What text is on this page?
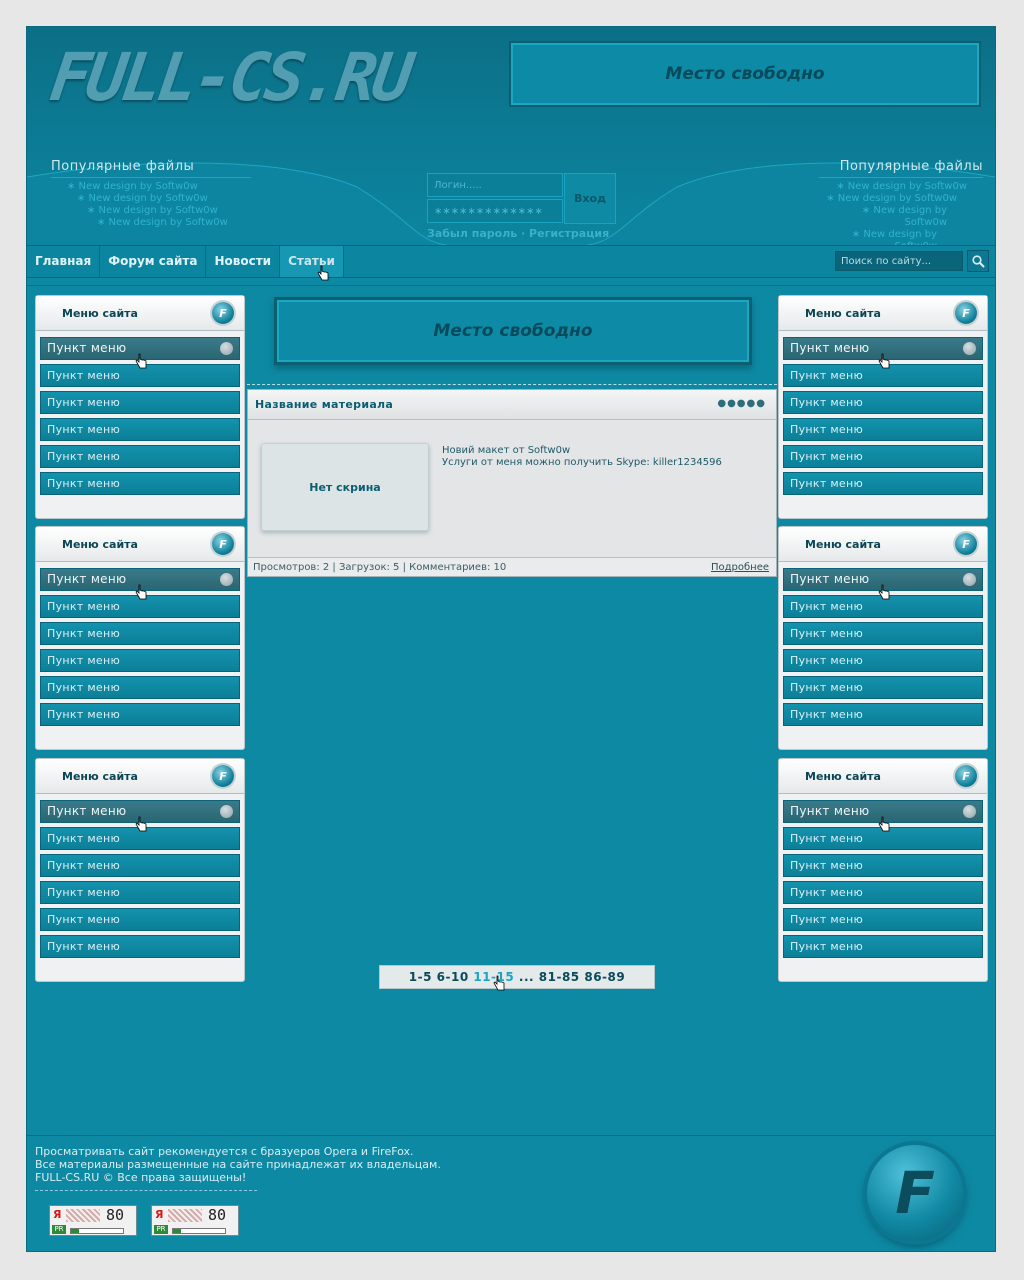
FULL-CS.RU	Место свободно
Популярные файлы
∗ New design by Softw0w
∗ New design by Softw0w
∗ New design by Softw0w
∗ New design by Softw0w
Популярные файлы
∗ New design by Softw0w
∗ New design by Softw0w
∗ New design by Softw0w
∗ New design by
Логин.....
∗∗∗∗∗∗∗∗∗∗∗∗∗
Вход
Забыл пароль · Регистрация
Главная	Форум сайта	Новости	Статьи	Поиск по сайту...
Меню сайта	F
Пункт меню
Пункт меню
Пункт меню
Пункт меню
Пункт меню
Пункт меню
Меню сайта	F
Пункт меню
Пункт меню
Пункт меню
Пункт меню
Пункт меню
Пункт меню
Меню сайта	F
Пункт меню
Пункт меню
Пункт меню
Пункт меню
Пункт меню
Пункт меню
Меню сайта	F
Пункт меню
Пункт меню
Пункт меню
Пункт меню
Пункт меню
Пункт меню
Меню сайта	F
Пункт меню
Пункт меню
Пункт меню
Пункт меню
Пункт меню
Пункт меню
Меню сайта	F
Пункт меню
Пункт меню
Пункт меню
Пункт меню
Пункт меню
Пункт меню
Место свободно
Название материала	●●●●●
Нет скрина
Новий макет от Softw0w
Услуги от меня можно получить Skype: killer1234596
Просмотров: 2 | Загрузок: 5 | Комментариев: 10	Подробнее
1-5 6-10 11-15 ... 81-85 86-89
Просматривать сайт рекомендуется с бразуеров Opera и FireFox.
Все материалы размещенные на сайте принадлежат их владельцам.
FULL-CS.RU © Все права защищены!
Я	80
PR
Я	80
PR
F
